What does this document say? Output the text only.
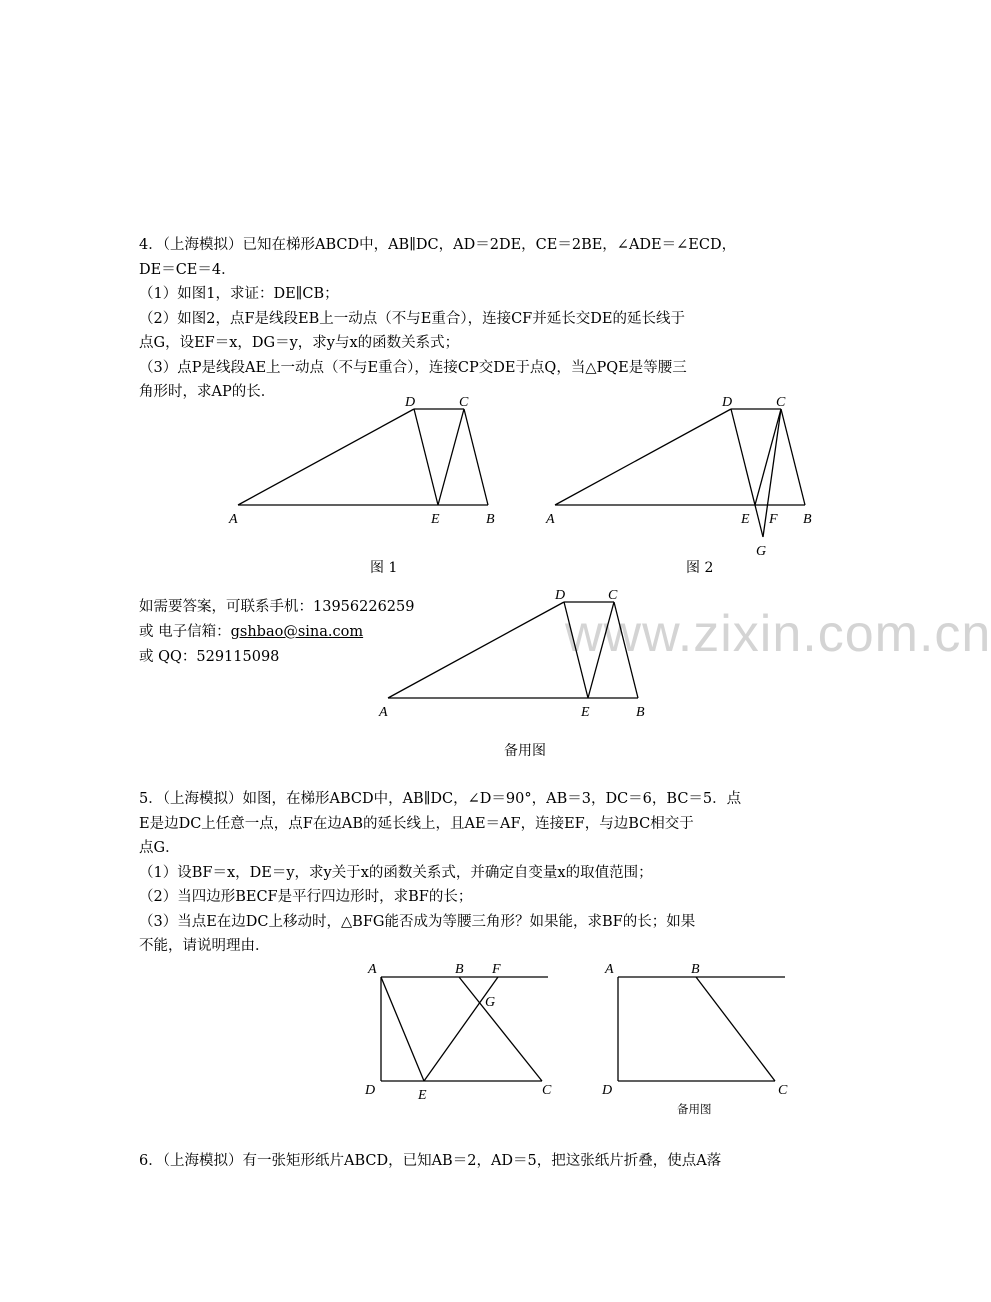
www.zixin.com.cn
4．（上海模拟）已知在梯形ABCD中，AB∥DC，AD＝2DE，CE＝2BE，∠ADE＝∠ECD，
DE＝CE＝4．
（1）如图1，求证：DE∥CB；
（2）如图2，点F是线段EB上一动点（不与E重合），连接CF并延长交DE的延长线于
点G，设EF＝x，DG＝y，求y与x的函数关系式；
（3）点P是线段AE上一动点（不与E重合），连接CP交DE于点Q，当△PQE是等腰三
角形时，求AP的长．
A	B
C
D
E	A	B
C
D
E F
G
A	B
C
D
E
A	B F
G
D	E	C
A	B
D	C
图 1	图 2
备用图
如需要答案，可联系手机：13956226259
或 电子信箱：gshbao@sina.com
或 QQ：529115098
5．（上海模拟）如图，在梯形ABCD中，AB∥DC，∠D＝90°，AB＝3，DC＝6，BC＝5．点
E是边DC上任意一点，点F在边AB的延长线上，且AE＝AF，连接EF，与边BC相交于
点G．
（1）设BF＝x，DE＝y，求y关于x的函数关系式，并确定自变量x的取值范围；
（2）当四边形BECF是平行四边形时，求BF的长；
（3）当点E在边DC上移动时，△BFG能否成为等腰三角形？如果能，求BF的长；如果
不能，请说明理由．
备用图
6．（上海模拟）有一张矩形纸片ABCD，已知AB＝2，AD＝5，把这张纸片折叠，使点A落
